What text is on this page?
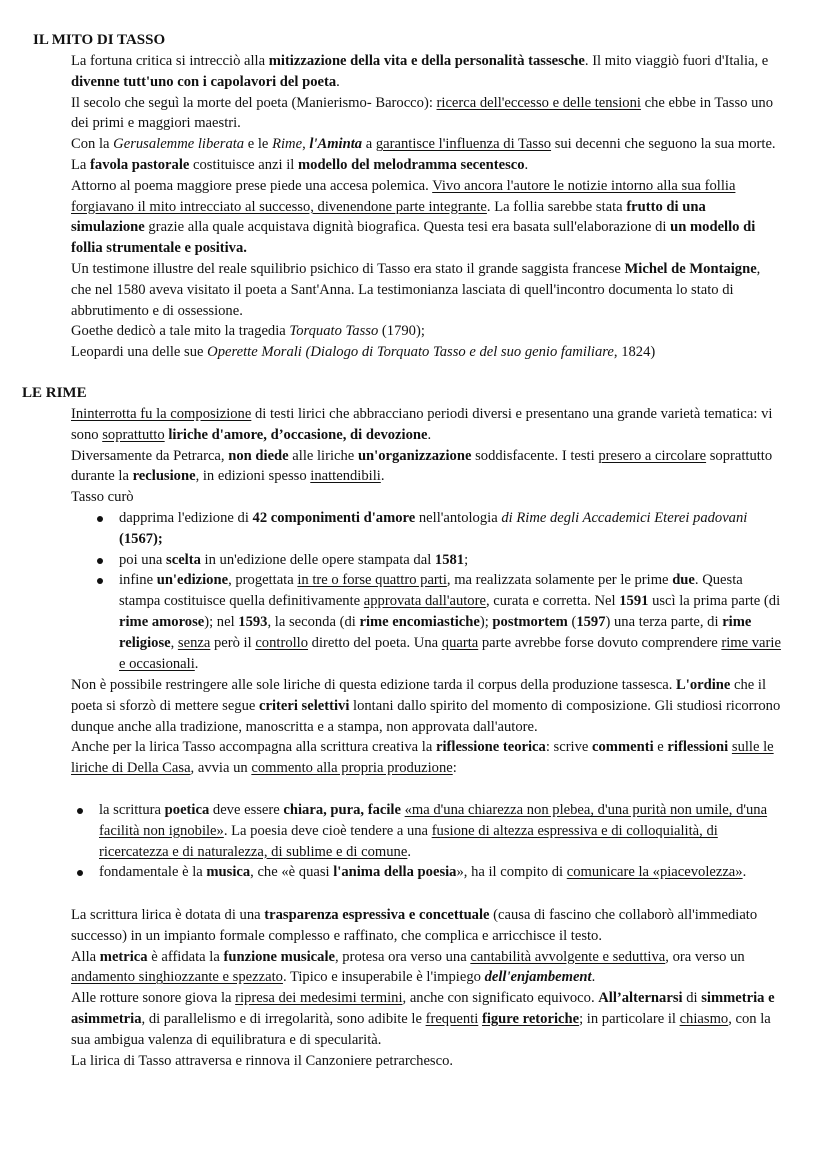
IL MITO DI TASSO

La fortuna critica si intrecciò alla mitizzazione della vita e della personalità tassesche. Il mito viaggiò fuori d'Italia, e divenne tutt'uno con i capolavori del poeta.

Il secolo che seguì la morte del poeta (Manierismo- Barocco): ricerca dell'eccesso e delle tensioni che ebbe in Tasso uno dei primi e maggiori maestri.

Con la Gerusalemme liberata e le Rime, l'Aminta a garantisce l'influenza di Tasso sui decenni che seguono la sua morte. La favola pastorale costituisce anzi il modello del melodramma secentesco.

Attorno al poema maggiore prese piede una accesa polemica. Vivo ancora l'autore le notizie intorno alla sua follia forgiavano il mito intrecciato al successo, divenendone parte integrante. La follia sarebbe stata frutto di una simulazione grazie alla quale acquistava dignità biografica. Questa tesi era basata sull'elaborazione di un modello di follia strumentale e positiva.

Un testimone illustre del reale squilibrio psichico di Tasso era stato il grande saggista francese Michel de Montaigne, che nel 1580 aveva visitato il poeta a Sant'Anna. La testimonianza lasciata di quell'incontro documenta lo stato di abbrutimento e di ossessione.

Goethe dedicò a tale mito la tragedia Torquato Tasso (1790);

Leopardi una delle sue Operette Morali (Dialogo di Torquato Tasso e del suo genio familiare, 1824)

LE RIME

Ininterrotta fu la composizione di testi lirici che abbracciano periodi diversi e presentano una grande varietà tematica: vi sono soprattutto liriche d'amore, d’occasione, di devozione.

Diversamente da Petrarca, non diede alle liriche un'organizzazione soddisfacente. I testi presero a circolare soprattutto durante la reclusione, in edizioni spesso inattendibili.

Tasso curò

dapprima l'edizione di 42 componimenti d'amore nell'antologia di Rime degli Accademici Eterei padovani (1567);
poi una scelta in un'edizione delle opere stampata dal 1581;
infine un'edizione, progettata in tre o forse quattro parti, ma realizzata solamente per le prime due. Questa stampa costituisce quella definitivamente approvata dall'autore, curata e corretta. Nel 1591 uscì la prima parte (di rime amorose); nel 1593, la seconda (di rime encomiastiche); postmortem (1597) una terza parte, di rime religiose, senza però il controllo diretto del poeta. Una quarta parte avrebbe forse dovuto comprendere rime varie e occasionali.

Non è possibile restringere alle sole liriche di questa edizione tarda il corpus della produzione tassesca. L'ordine che il poeta si sforzò di mettere segue criteri selettivi lontani dallo spirito del momento di composizione. Gli studiosi ricorrono dunque anche alla tradizione, manoscritta e a stampa, non approvata dall'autore.

Anche per la lirica Tasso accompagna alla scrittura creativa la riflessione teorica: scrive commenti e riflessioni sulle le liriche di Della Casa, avvia un commento alla propria produzione:

la scrittura poetica deve essere chiara, pura, facile «ma d'una chiarezza non plebea, d'una purità non umile, d'una facilità non ignobile». La poesia deve cioè tendere a una fusione di altezza espressiva e di colloquialità, di ricercatezza e di naturalezza, di sublime e di comune.
fondamentale è la musica, che «è quasi l'anima della poesia», ha il compito di comunicare la «piacevolezza».

La scrittura lirica è dotata di una trasparenza espressiva e concettuale (causa di fascino che collaborò all'immediato successo) in un impianto formale complesso e raffinato, che complica e arricchisce il testo.

Alla metrica è affidata la funzione musicale, protesa ora verso una cantabilità avvolgente e seduttiva, ora verso un andamento singhiozzante e spezzato. Tipico e insuperabile è l'impiego dell'enjambement.

Alle rotture sonore giova la ripresa dei medesimi termini, anche con significato equivoco. All’alternarsi di simmetria e asimmetria, di parallelismo e di irregolarità, sono adibite le frequenti figure retoriche; in particolare il chiasmo, con la sua ambigua valenza di equilibratura e di specularità.

La lirica di Tasso attraversa e rinnova il Canzoniere petrarchesco.
